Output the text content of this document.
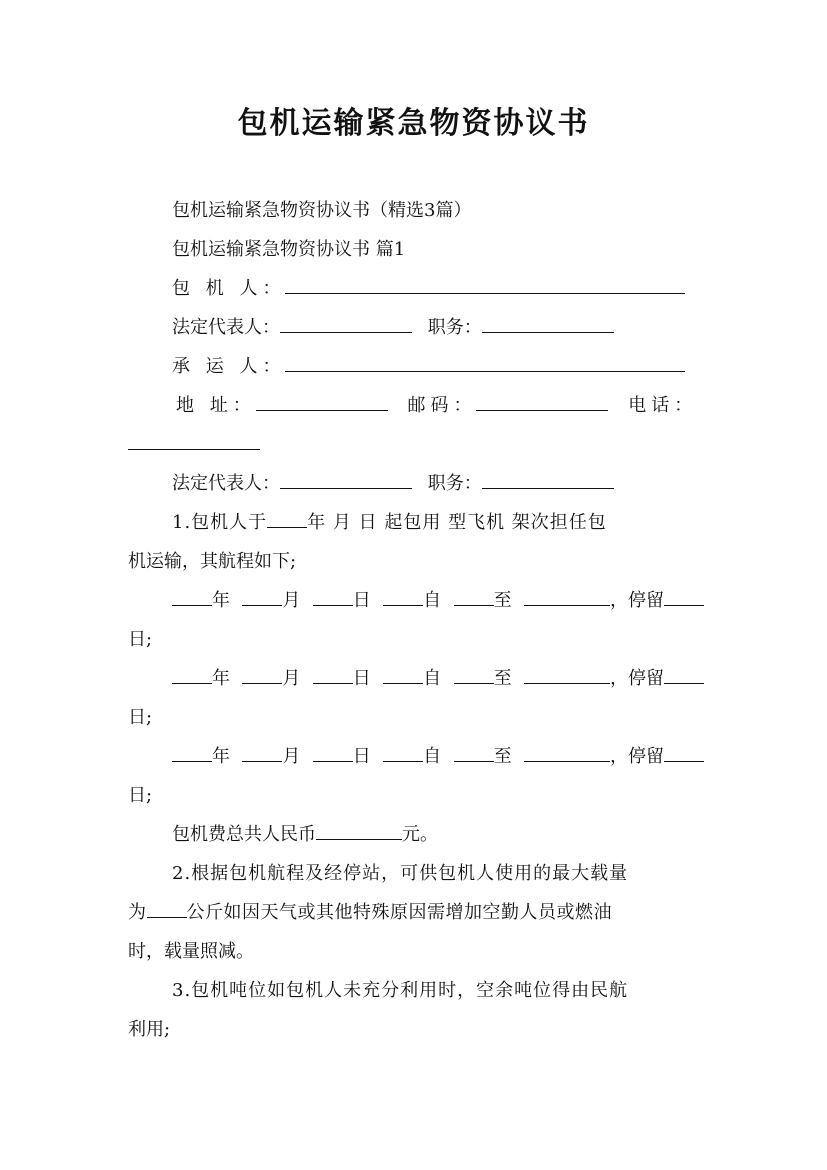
包机运输紧急物资协议书
包机运输紧急物资协议书（精选3篇）
包机运输紧急物资协议书 篇1
包 机 人：
法定代表人：	职务：
承 运 人：
地 址：	邮码：	电话：
法定代表人：	职务：
1.包机人于 年 月 日 起包用 型飞机 架次担任包
机运输，其航程如下;
年	月	日	自	至	，停留
日;
年	月	日	自	至	，停留
日;
年	月	日	自	至	，停留
日;
包机费总共人民币	元。
2.根据包机航程及经停站，可供包机人使用的最大载量
为 公斤如因天气或其他特殊原因需增加空勤人员或燃油
时，载量照减。
3.包机吨位如包机人未充分利用时，空余吨位得由民航
利用;
